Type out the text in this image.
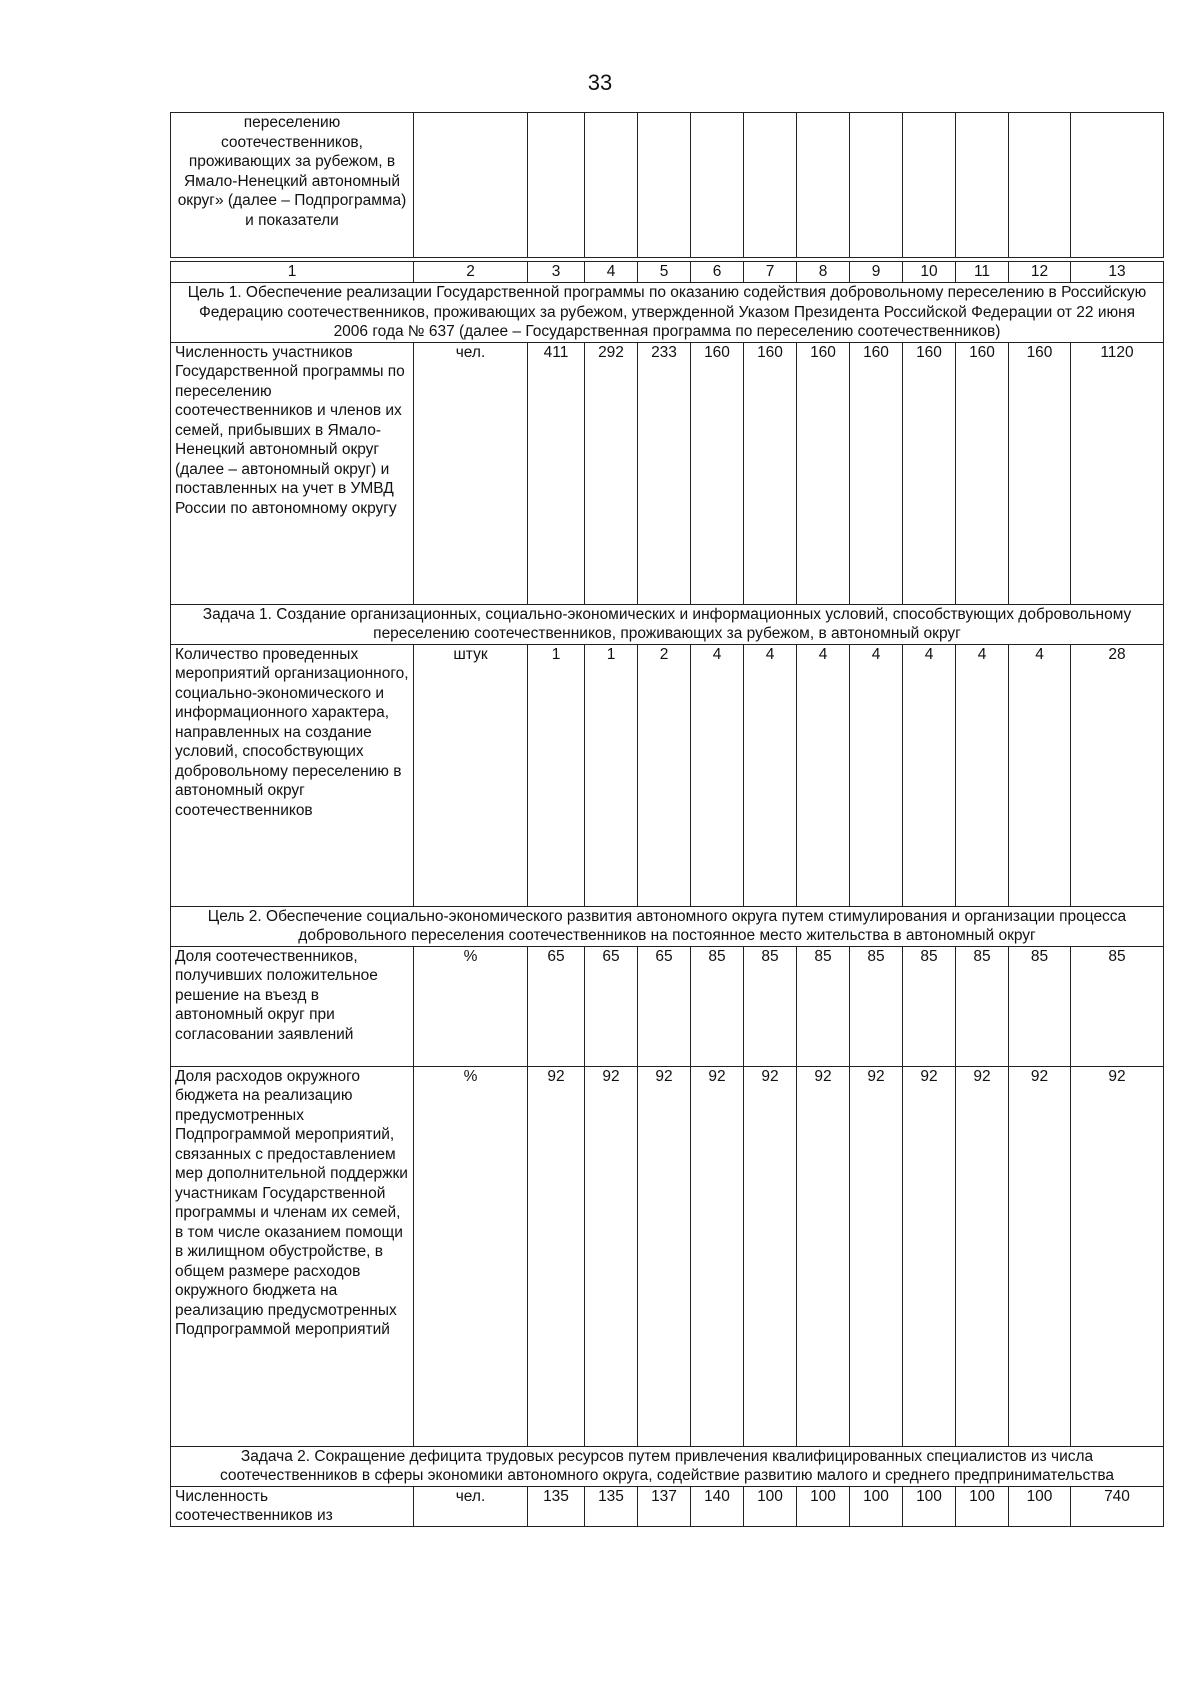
33
переселению соотечественников, проживающих за рубежом, в Ямало-Ненецкий автономный округ» (далее – Подпрограмма) и показатели												

1	2	3	4	5	6	7	8	9	10	11	12	13
Цель 1. Обеспечение реализации Государственной программы по оказанию содействия добровольному переселению в Российскую Федерацию соотечественников, проживающих за рубежом, утвержденной Указом Президента Российской Федерации от 22 июня 2006 года № 637 (далее – Государственная программа по переселению соотечественников)												
Численность участников Государственной программы по переселению соотечественников и членов их семей, прибывших в Ямало-Ненецкий автономный округ (далее – автономный округ) и поставленных на учет в УМВД России по автономному округу	чел.	411	292	233	160	160	160	160	160	160	160	1120
Задача 1. Создание организационных, социально-экономических и информационных условий, способствующих добровольному переселению соотечественников, проживающих за рубежом, в автономный округ												
Количество проведенных мероприятий организационного, социально-экономического и информационного характера, направленных на создание условий, способствующих добровольному переселению в автономный округ соотечественников	штук	1	1	2	4	4	4	4	4	4	4	28
Цель 2. Обеспечение социально-экономического развития автономного округа путем стимулирования и организации процесса добровольного переселения соотечественников на постоянное место жительства в автономный округ												
Доля соотечественников, получивших положительное решение на въезд в автономный округ при согласовании заявлений	%	65	65	65	85	85	85	85	85	85	85	85
Доля расходов окружного бюджета на реализацию предусмотренных Подпрограммой мероприятий, связанных с предоставлением мер дополнительной поддержки участникам Государственной программы и членам их семей, в том числе оказанием помощи в жилищном обустройстве, в общем размере расходов окружного бюджета на реализацию предусмотренных Подпрограммой мероприятий	%	92	92	92	92	92	92	92	92	92	92	92
Задача 2. Сокращение дефицита трудовых ресурсов путем привлечения квалифицированных специалистов из числа соотечественников в сферы экономики автономного округа, содействие развитию малого и среднего предпринимательства												
Численность соотечественников из	чел.	135	135	137	140	100	100	100	100	100	100	740
